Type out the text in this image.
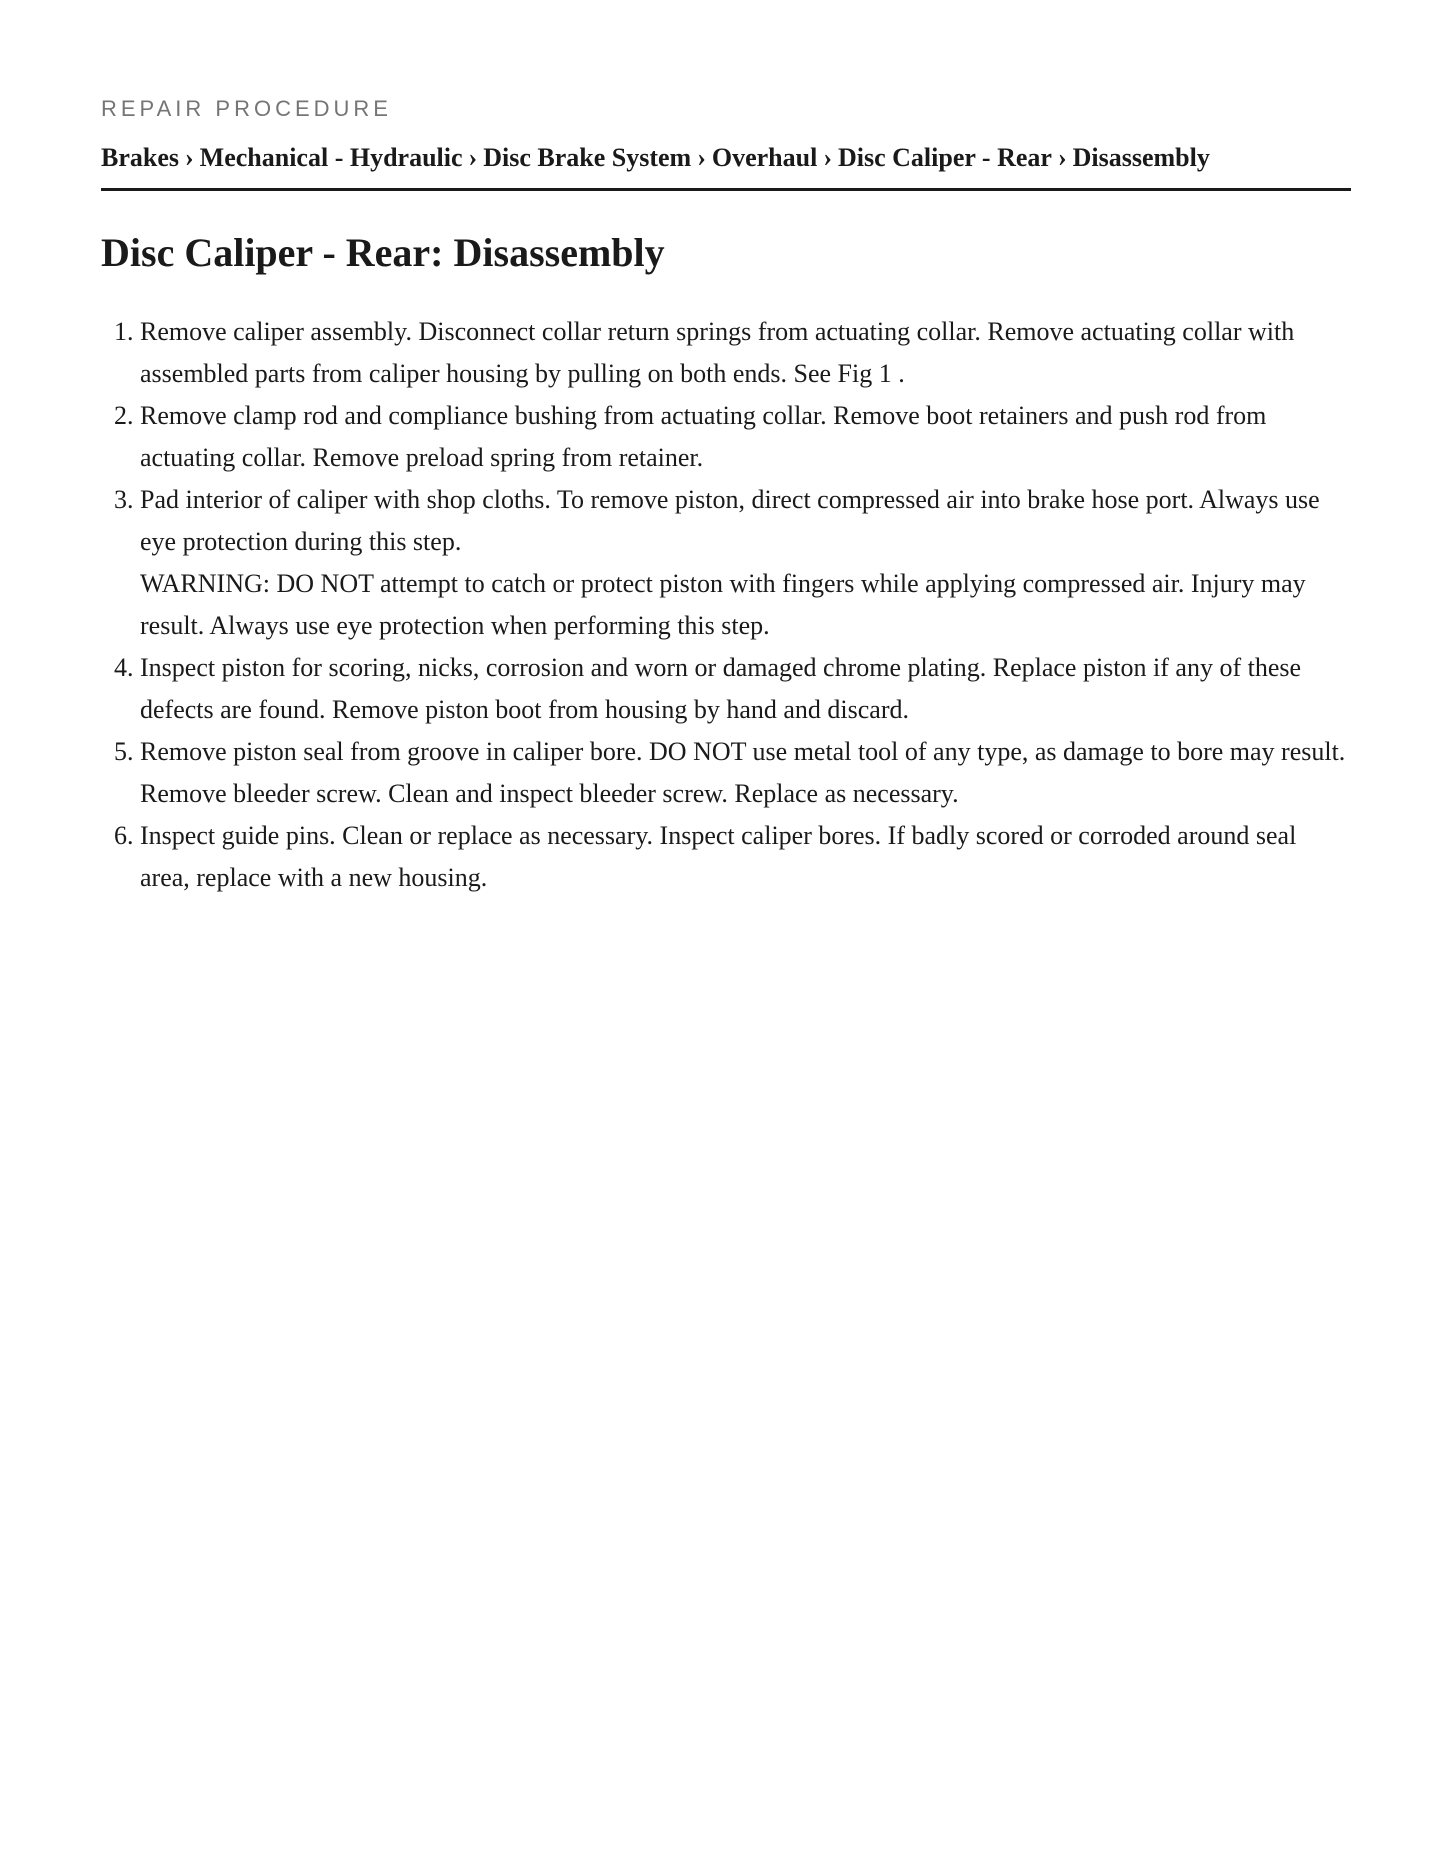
REPAIR PROCEDURE

Brakes › Mechanical - Hydraulic › Disc Brake System › Overhaul › Disc Caliper - Rear › Disassembly
Disc Caliper - Rear: Disassembly
1. Remove caliper assembly. Disconnect collar return springs from actuating collar. Remove actuating collar with assembled parts from caliper housing by pulling on both ends. See Fig 1 .
2. Remove clamp rod and compliance bushing from actuating collar. Remove boot retainers and push rod from actuating collar. Remove preload spring from retainer.
3. Pad interior of caliper with shop cloths. To remove piston, direct compressed air into brake hose port. Always use eye protection during this step.
WARNING: DO NOT attempt to catch or protect piston with fingers while applying compressed air. Injury may result. Always use eye protection when performing this step.
4. Inspect piston for scoring, nicks, corrosion and worn or damaged chrome plating. Replace piston if any of these defects are found. Remove piston boot from housing by hand and discard.
5. Remove piston seal from groove in caliper bore. DO NOT use metal tool of any type, as damage to bore may result. Remove bleeder screw. Clean and inspect bleeder screw. Replace as necessary.
6. Inspect guide pins. Clean or replace as necessary. Inspect caliper bores. If badly scored or corroded around seal area, replace with a new housing.
